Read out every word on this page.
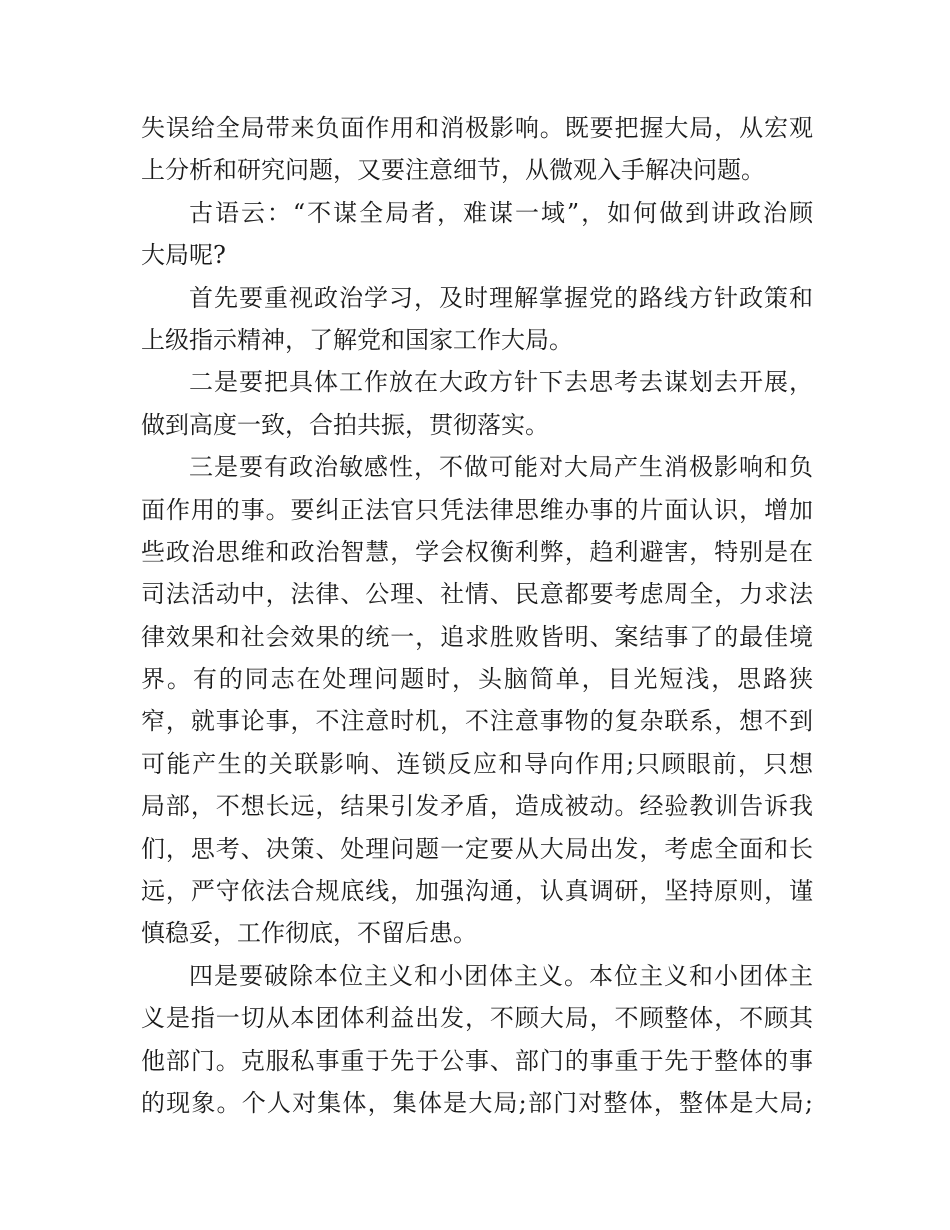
失误给全局带来负面作用和消极影响。既要把握大局，从宏观
上分析和研究问题，又要注意细节，从微观入手解决问题。
古语云：“不谋全局者，难谋一域”，如何做到讲政治顾
大局呢?
首先要重视政治学习，及时理解掌握党的路线方针政策和
上级指示精神，了解党和国家工作大局。
二是要把具体工作放在大政方针下去思考去谋划去开展，
做到高度一致，合拍共振，贯彻落实。
三是要有政治敏感性，不做可能对大局产生消极影响和负
面作用的事。要纠正法官只凭法律思维办事的片面认识，增加
些政治思维和政治智慧，学会权衡利弊，趋利避害，特别是在
司法活动中，法律、公理、社情、民意都要考虑周全，力求法
律效果和社会效果的统一，追求胜败皆明、案结事了的最佳境
界。有的同志在处理问题时，头脑简单，目光短浅，思路狭
窄，就事论事，不注意时机，不注意事物的复杂联系，想不到
可能产生的关联影响、连锁反应和导向作用;只顾眼前，只想
局部，不想长远，结果引发矛盾，造成被动。经验教训告诉我
们，思考、决策、处理问题一定要从大局出发，考虑全面和长
远，严守依法合规底线，加强沟通，认真调研，坚持原则，谨
慎稳妥，工作彻底，不留后患。
四是要破除本位主义和小团体主义。本位主义和小团体主
义是指一切从本团体利益出发，不顾大局，不顾整体，不顾其
他部门。克服私事重于先于公事、部门的事重于先于整体的事
的现象。个人对集体，集体是大局;部门对整体，整体是大局;
